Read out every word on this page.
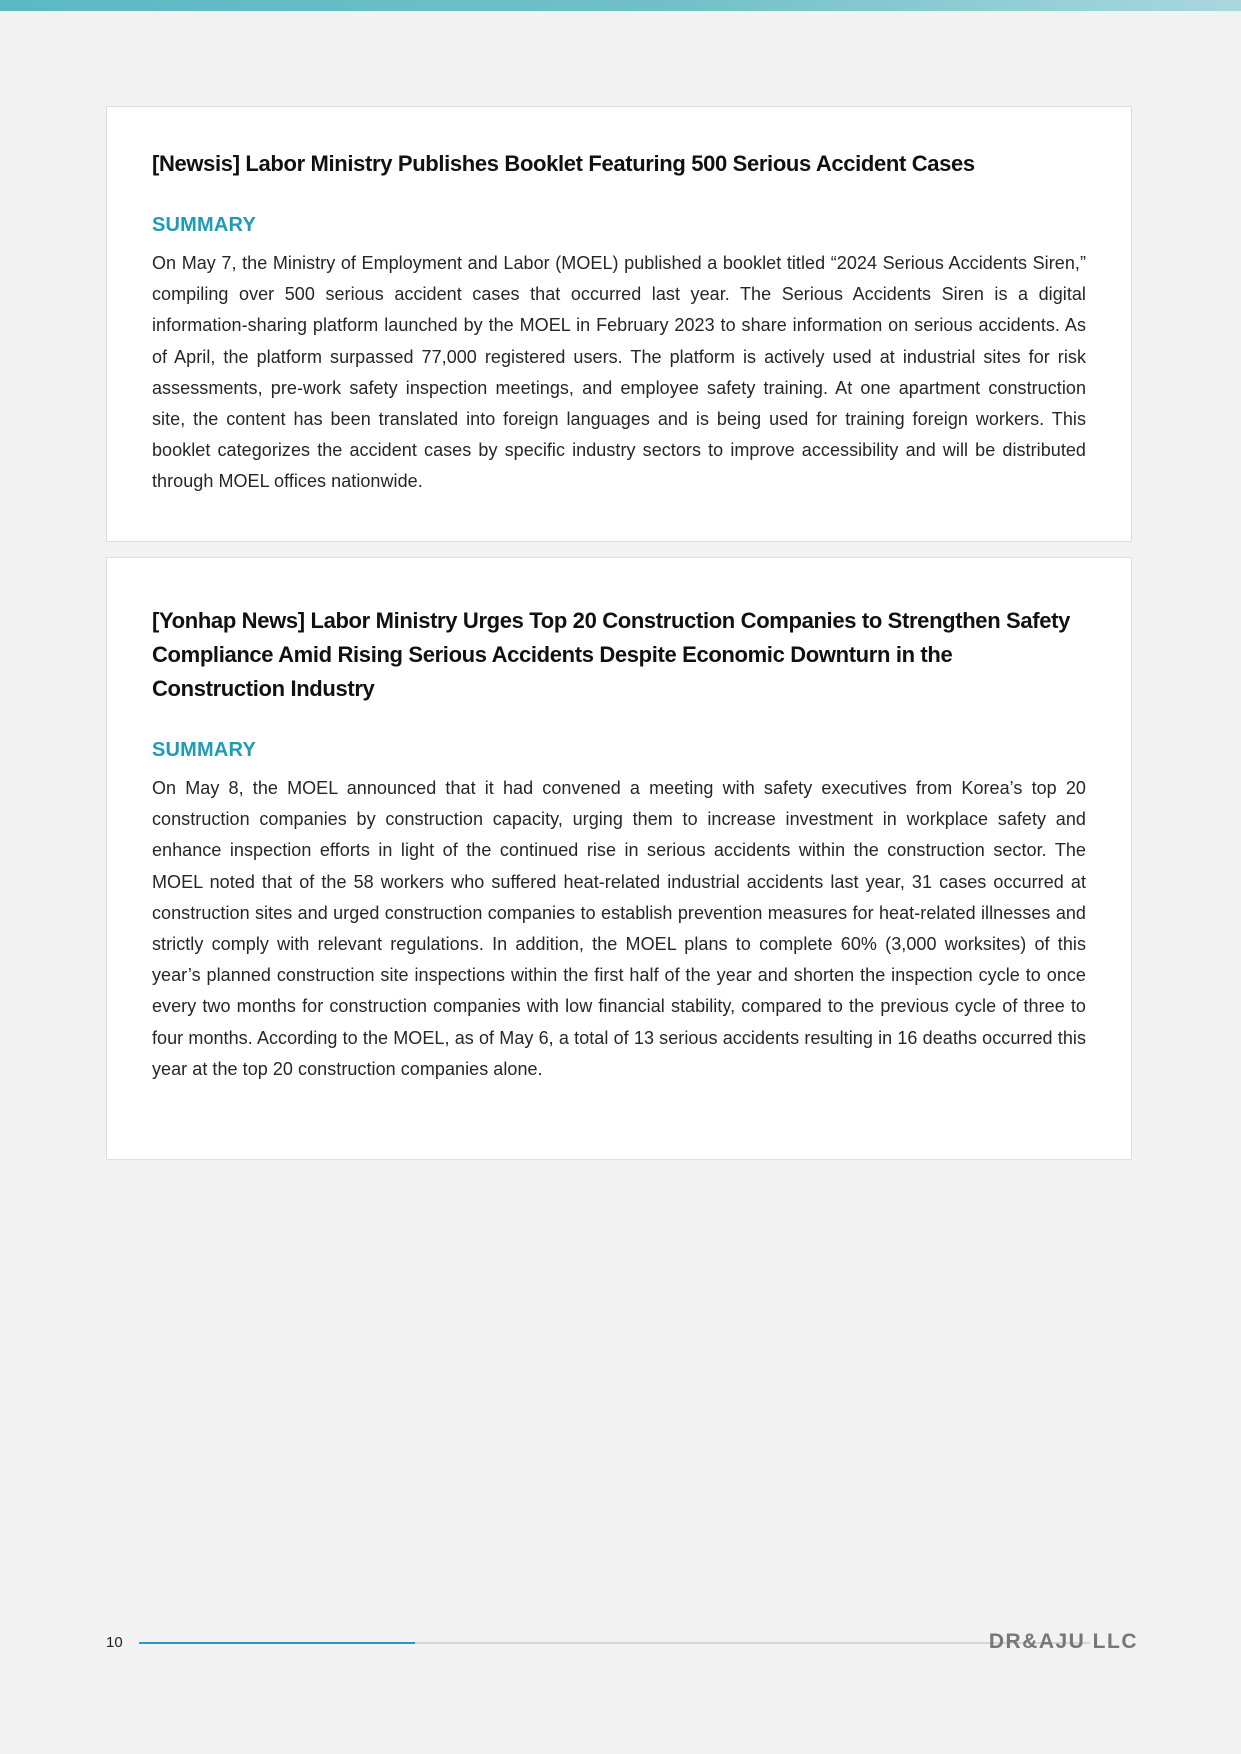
[Newsis] Labor Ministry Publishes Booklet Featuring 500 Serious Accident Cases
SUMMARY

On May 7, the Ministry of Employment and Labor (MOEL) published a booklet titled “2024 Serious Accidents Siren,” compiling over 500 serious accident cases that occurred last year. The Serious Accidents Siren is a digital information-sharing platform launched by the MOEL in February 2023 to share information on serious accidents. As of April, the platform surpassed 77,000 registered users. The platform is actively used at industrial sites for risk assessments, pre-work safety inspection meetings, and employee safety training. At one apartment construction site, the content has been translated into foreign languages and is being used for training foreign workers. This booklet categorizes the accident cases by specific industry sectors to improve accessibility and will be distributed through MOEL offices nationwide.

[Yonhap News] Labor Ministry Urges Top 20 Construction Companies to Strengthen Safety Compliance Amid Rising Serious Accidents Despite Economic Downturn in the Construction Industry
SUMMARY

On May 8, the MOEL announced that it had convened a meeting with safety executives from Korea’s top 20 construction companies by construction capacity, urging them to increase investment in workplace safety and enhance inspection efforts in light of the continued rise in serious accidents within the construction sector. The MOEL noted that of the 58 workers who suffered heat-related industrial accidents last year, 31 cases occurred at construction sites and urged construction companies to establish prevention measures for heat-related illnesses and strictly comply with relevant regulations. In addition, the MOEL plans to complete 60% (3,000 worksites) of this year’s planned construction site inspections within the first half of the year and shorten the inspection cycle to once every two months for construction companies with low financial stability, compared to the previous cycle of three to four months. According to the MOEL, as of May 6, a total of 13 serious accidents resulting in 16 deaths occurred this year at the top 20 construction companies alone.

10	DR&AJU LLC
